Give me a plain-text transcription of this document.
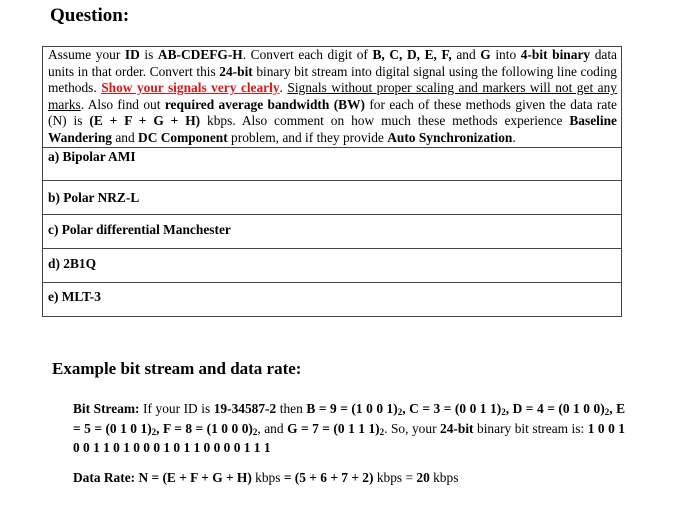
Question:
Assume your ID is AB-CDEFG-H. Convert each digit of B, C, D, E, F, and G into 4-bit binary data units in that order. Convert this 24-bit binary bit stream into digital signal using the following line coding methods. Show your signals very clearly. Signals without proper scaling and markers will not get any marks. Also find out required average bandwidth (BW) for each of these methods given the data rate (N) is (E + F + G + H) kbps. Also comment on how much these methods experience Baseline Wandering and DC Component problem, and if they provide Auto Synchronization.
a) Bipolar AMI
b) Polar NRZ-L
c) Polar differential Manchester
d) 2B1Q
e) MLT-3
Example bit stream and data rate:
Bit Stream: If your ID is 19-34587-2 then B = 9 = (1 0 0 $1)_2$, C = 3 = (0 0 1 $1)_2$, D = 4 = (0 1 0 $0)_2$, E = 5 = (0 1 0 $1)_2$, F = 8 = (1 0 0 $0)_2$, and G = 7 = (0 1 1 $1)_2$. So, your 24-bit binary bit stream is: 1 0 0 1 0 0 1 1 0 1 0 0 0 1 0 1 1 0 0 0 0 1 1 1
Data Rate: N = (E + F + G + H) kbps = (5 + 6 + 7 + 2) kbps = 20 kbps
